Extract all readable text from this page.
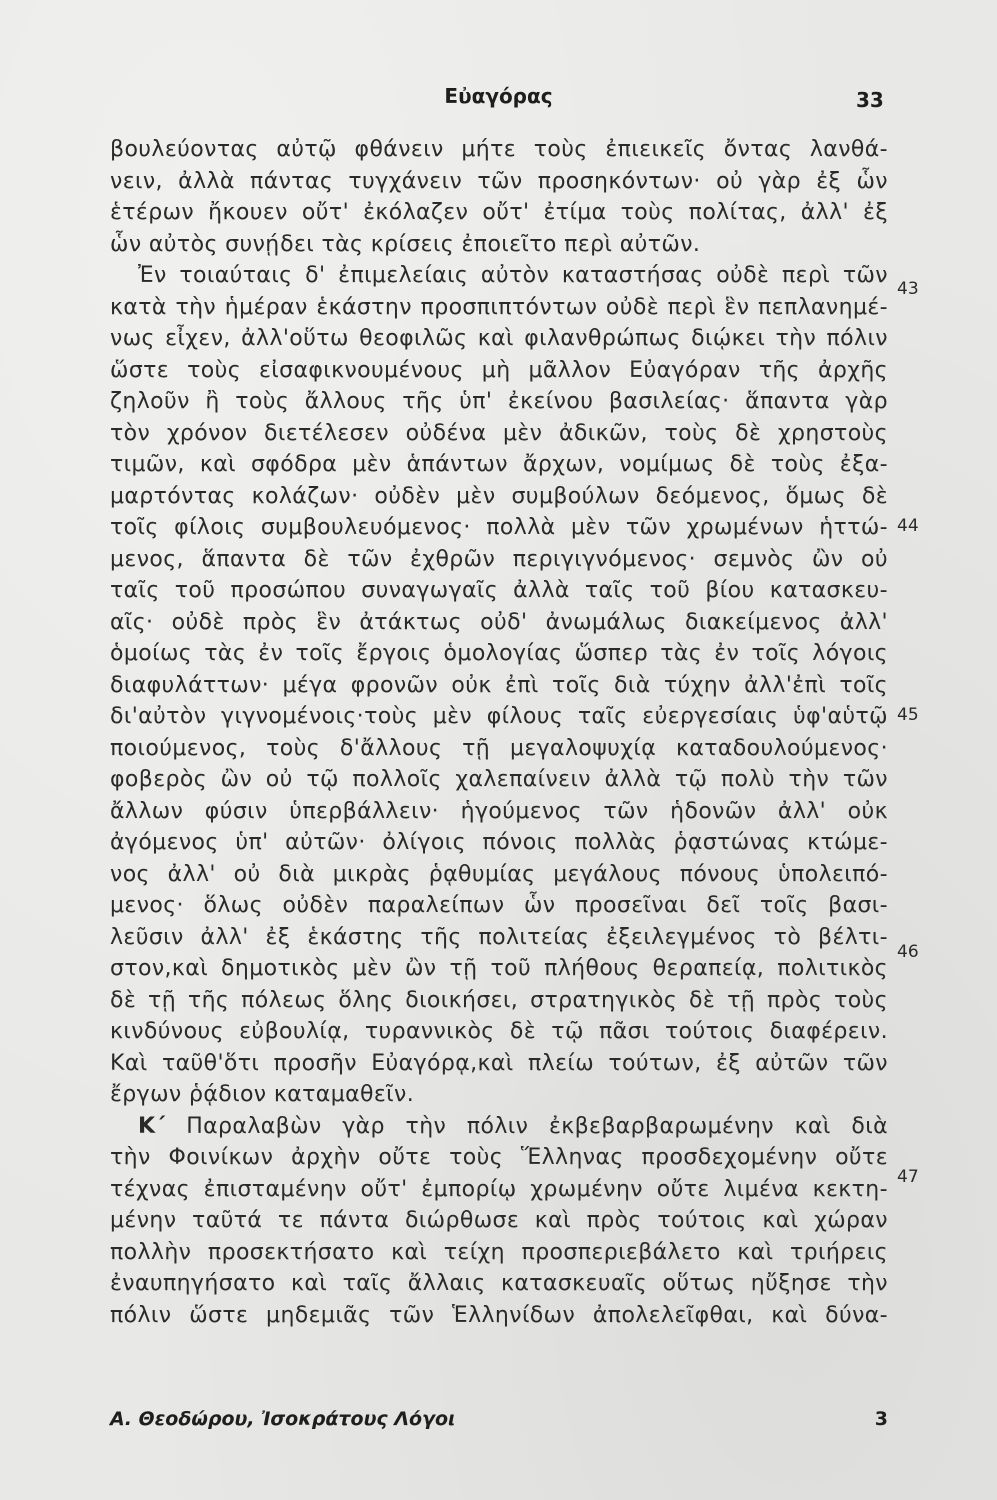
Εὐαγόρας	33
βουλεύοντας αὐτῷ φθάνειν μήτε τοὺς ἐπιεικεῖς ὄντας λανθά-
νειν, ἀλλὰ πάντας τυγχάνειν τῶν προσηκόντων· οὐ γὰρ ἐξ ὧν
ἑτέρων ἤκουεν οὔτ' ἐκόλαζεν οὔτ' ἐτίμα τοὺς πολίτας, ἀλλ' ἐξ
ὧν αὐτὸς συνῄδει τὰς κρίσεις ἐποιεῖτο περὶ αὐτῶν.
Ἐν τοιαύταις δ' ἐπιμελείαις αὐτὸν καταστήσας οὐδὲ περὶ τῶν
κατὰ τὴν ἡμέραν ἑκάστην προσπιπτόντων οὐδὲ περὶ ἓν πεπλανημέ-
νως εἶχεν, ἀλλ'οὕτω θεοφιλῶς καὶ φιλανθρώπως διῴκει τὴν πόλιν
ὥστε τοὺς εἰσαφικνουμένους μὴ μᾶλλον Εὐαγόραν τῆς ἀρχῆς
ζηλοῦν ἢ τοὺς ἄλλους τῆς ὑπ' ἐκείνου βασιλείας· ἅπαντα γὰρ
τὸν χρόνον διετέλεσεν οὐδένα μὲν ἀδικῶν, τοὺς δὲ χρηστοὺς
τιμῶν, καὶ σφόδρα μὲν ἁπάντων ἄρχων, νομίμως δὲ τοὺς ἐξα-
μαρτόντας κολάζων· οὐδὲν μὲν συμβούλων δεόμενος, ὅμως δὲ
τοῖς φίλοις συμβουλευόμενος· πολλὰ μὲν τῶν χρωμένων ἡττώ-
μενος, ἅπαντα δὲ τῶν ἐχθρῶν περιγιγνόμενος· σεμνὸς ὢν οὐ
ταῖς τοῦ προσώπου συναγωγαῖς ἀλλὰ ταῖς τοῦ βίου κατασκευ-
αῖς· οὐδὲ πρὸς ἓν ἀτάκτως οὐδ' ἀνωμάλως διακείμενος ἀλλ'
ὁμοίως τὰς ἐν τοῖς ἔργοις ὁμολογίας ὥσπερ τὰς ἐν τοῖς λόγοις
διαφυλάττων· μέγα φρονῶν οὐκ ἐπὶ τοῖς διὰ τύχην ἀλλ'ἐπὶ τοῖς
δι'αὐτὸν γιγνομένοις·τοὺς μὲν φίλους ταῖς εὐεργεσίαις ὑφ'αὑτῷ
ποιούμενος, τοὺς δ'ἄλλους τῇ μεγαλοψυχίᾳ καταδουλούμενος·
φοβερὸς ὢν οὐ τῷ πολλοῖς χαλεπαίνειν ἀλλὰ τῷ πολὺ τὴν τῶν
ἄλλων φύσιν ὑπερβάλλειν· ἡγούμενος τῶν ἡδονῶν ἀλλ' οὐκ
ἀγόμενος ὑπ' αὐτῶν· ὀλίγοις πόνοις πολλὰς ῥᾳστώνας κτώμε-
νος ἀλλ' οὐ διὰ μικρὰς ῥᾳθυμίας μεγάλους πόνους ὑπολειπό-
μενος· ὅλως οὐδὲν παραλείπων ὧν προσεῖναι δεῖ τοῖς βασι-
λεῦσιν ἀλλ' ἐξ ἑκάστης τῆς πολιτείας ἐξειλεγμένος τὸ βέλτι-
στον,καὶ δημοτικὸς μὲν ὢν τῇ τοῦ πλήθους θεραπείᾳ, πολιτικὸς
δὲ τῇ τῆς πόλεως ὅλης διοικήσει, στρατηγικὸς δὲ τῇ πρὸς τοὺς
κινδύνους εὐβουλίᾳ, τυραννικὸς δὲ τῷ πᾶσι τούτοις διαφέρειν.
Καὶ ταῦθ'ὅτι προσῆν Εὐαγόρᾳ,καὶ πλείω τούτων, ἐξ αὐτῶν τῶν
ἔργων ῥᾴδιον καταμαθεῖν.
Κ΄ Παραλαβὼν γὰρ τὴν πόλιν ἐκβεβαρβαρωμένην καὶ διὰ
τὴν Φοινίκων ἀρχὴν οὔτε τοὺς Ἕλληνας προσδεχομένην οὔτε
τέχνας ἐπισταμένην οὔτ' ἐμπορίῳ χρωμένην οὔτε λιμένα κεκτη-
μένην ταῦτά τε πάντα διώρθωσε καὶ πρὸς τούτοις καὶ χώραν
πολλὴν προσεκτήσατο καὶ τείχη προσπεριεβάλετο καὶ τριήρεις
ἐναυπηγήσατο καὶ ταῖς ἄλλαις κατασκευαῖς οὕτως ηὔξησε τὴν
πόλιν ὥστε μηδεμιᾶς τῶν Ἑλληνίδων ἀπολελεῖφθαι, καὶ δύνα-
43
44
45
46
47
Α. Θεοδώρου, Ἰσοκράτους Λόγοι	3
